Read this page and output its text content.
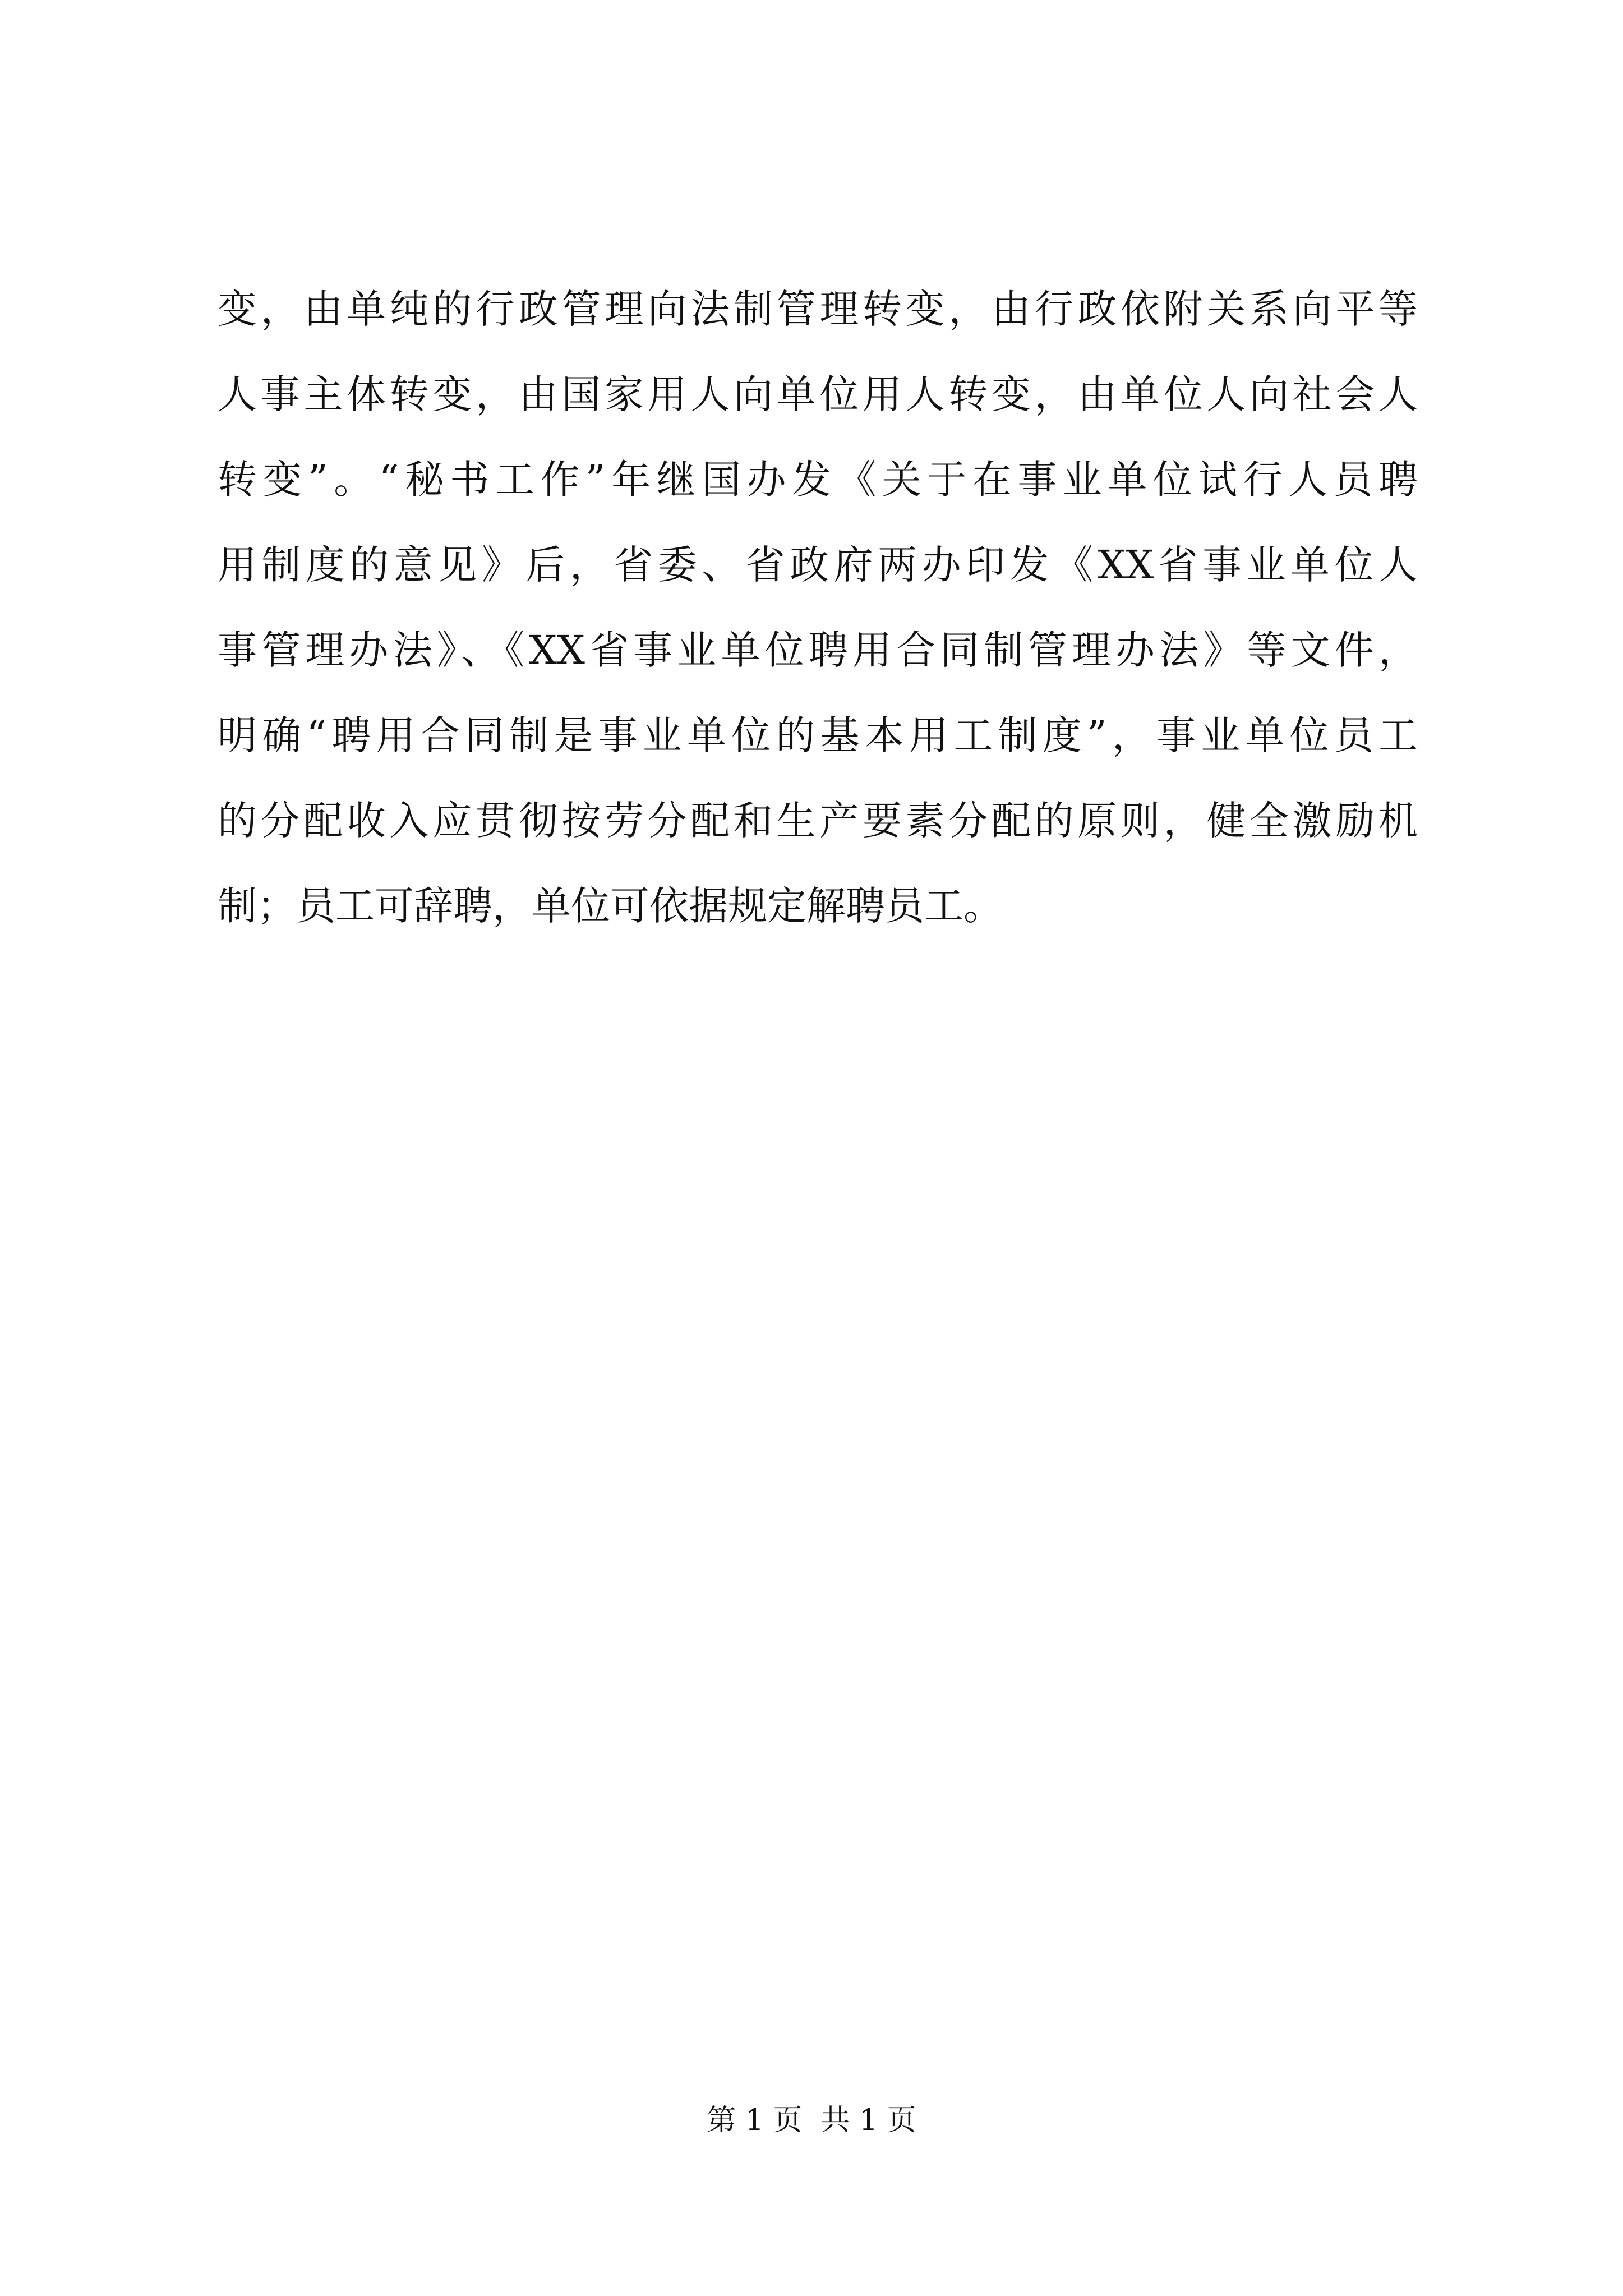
变，由单纯的行政管理向法制管理转变，由行政依附关系向平等
人事主体转变，由国家用人向单位用人转变，由单位人向社会人
转变”。“秘书工作”年继国办发《关于在事业单位试行人员聘
用制度的意见》后，省委、省政府两办印发《XX省事业单位人
事管理办法》、《XX省事业单位聘用合同制管理办法》等文件，
明确“聘用合同制是事业单位的基本用工制度”，事业单位员工
的分配收入应贯彻按劳分配和生产要素分配的原则，健全激励机
制；员工可辞聘，单位可依据规定解聘员工。
第 1 页  共 1 页
